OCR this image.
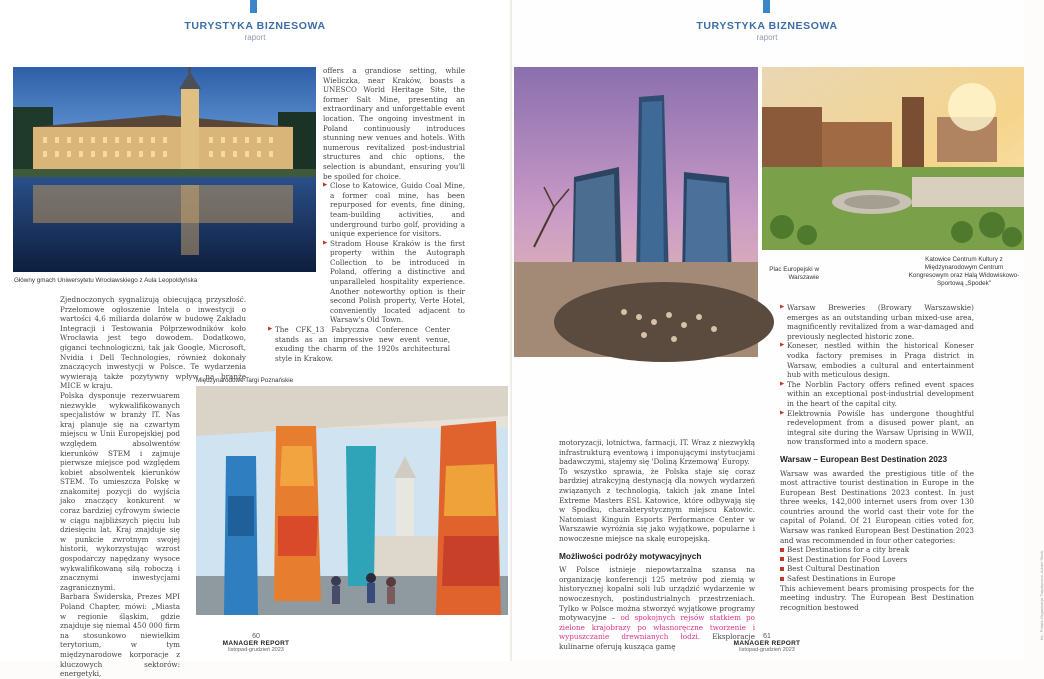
TURYSTYKA BIZNESOWA
raport
Główny gmach Uniwersytetu Wrocławskiego z Aula Leopoldyńska

Zjednoczonych sygnalizują obiecującą przyszłość. Przełomowe ogłoszenie Intela o inwestycji o wartości 4,6 miliarda dolarów w budowę Zakładu Integracji i Testowania Półprzewodników koło Wrocławia jest tego dowodem. Dodatkowo, giganci technologiczni, tak jak Google, Microsoft, Nvidia i Dell Technologies, również dokonały znaczących inwestycji w Polsce. Te wydarzenia wywierają także pozytywny wpływ na branżę MICE w kraju.

Polska dysponuje rezerwuarem niezwykle wykwalifikowanych specjalistów w branży IT. Nas kraj planuje się na czwartym miejscu w Unii Europejskiej pod względem absolwentów kierunków STEM i zajmuje pierwsze miejsce pod względem kobiet absolwentek kierunków STEM. To umieszcza Polskę w znakomitej pozycji do wyjścia jako znaczący konkurent w coraz bardziej cyfrowym świecie w ciągu najbliższych pięciu lub dziesięciu lat. Kraj znajduje się w punkcie zwrotnym swojej historii, wykorzystując wzrost gospodarczy napędzany wysoce wykwalifikowaną siłą roboczą i znacznymi inwestycjami zagranicznymi.

Barbara Świderska, Prezes MPI Poland Chapter, mówi: „Miasta w regionie śląskim, gdzie znajduje się niemal 450 000 firm na stosunkowo niewielkim terytorium, w tym międzynarodowe korporacje z kluczowych sektorów: energetyki,

offers a grandiose setting, while Wieliczka, near Kraków, boasts a UNESCO World Heritage Site, the former Salt Mine, presenting an extraordinary and unforgettable event location. The ongoing investment in Poland continuously introduces stunning new venues and hotels. With numerous revitalized post-industrial structures and chic options, the selection is abundant, ensuring you'll be spoiled for choice.

▶ Close to Katowice, Guido Coal Mine, a former coal mine, has been repurposed for events, fine dining, team-building activities, and underground turbo golf, providing a unique experience for visitors.

▶ Stradom House Kraków is the first property within the Autograph Collection to be introduced in Poland, offering a distinctive and unparalleled hospitality experience. Another noteworthy option is their second Polish property, Verte Hotel, conveniently located adjacent to Warsaw's Old Town.

▶ The CFK_13 Fabryczna Conference Center stands as an impressive new event venue, exuding the charm of the 1920s architectural style in Krakow.

Międzynarodowe Targi Poznańskie
60
MANAGER REPORT
listopad-grudzień 2023
TURYSTYKA BIZNESOWA
raport
Katowice Centrum Kultury z Międzynarodowym Centrum Kongresowym oraz Halą Widowiskowo-Sportową „Spodek"
Plac Europejski w Warszawie
fot.: Polska Organizacja Turystyczna, Adobe Stock

motoryzacji, lotnictwa, farmacji, IT. Wraz z niezwykłą infrastrukturą eventową i imponującymi instytucjami badawczymi, stajemy się 'Doliną Krzemową' Europy.

To wszystko sprawia, że Polska staje się coraz bardziej atrakcyjną destynacją dla nowych wydarzeń związanych z technologią, takich jak znane Intel Extreme Masters ESL Katowice, które odbywają się w Spodku, charakterystycznym miejscu Katowic. Natomiast Kinguin Esports Performance Center w Warszawie wyróżnia się jako wyjątkowe, popularne i nowoczesne miejsce na skalę europejską.

Możliwości podróży motywacyjnych

W Polsce istnieje niepowtarzalna szansa na organizację konferencji 125 metrów pod ziemią w historycznej kopalni soli lub urządzić wydarzenie w nowoczesnych, postindustrialnych przestrzeniach. Tylko w Polsce można stworzyć wyjątkowe programy motywacyjne – od spokojnych rejsów statkiem po zielone krajobrazy po własnoręczne tworzenie i wypuszczanie drewnianych łodzi. Eksploracje kulinarne oferują kusząca gamę

▶ Warsaw Breweries (Browary Warszawskie) emerges as an outstanding urban mixed-use area, magnificently revitalized from a war-damaged and previously neglected historic zone.

▶ Koneser, nestled within the historical Koneser vodka factory premises in Praga district in Warsaw, embodies a cultural and entertainment hub with meticulous design.

▶ The Norblin Factory offers refined event spaces within an exceptional post-industrial development in the heart of the capital city.

▶ Elektrownia Powiśle has undergone thoughtful redevelopment from a disused power plant, an integral site during the Warsaw Uprising in WWII, now transformed into a modern space.

Warsaw – European Best Destination 2023

Warsaw was awarded the prestigious title of the most attractive tourist destination in Europe in the European Best Destinations 2023 contest. In just three weeks, 142,000 internet users from over 130 countries around the world cast their vote for the capital of Poland. Of 21 European cities voted for, Warsaw was ranked European Best Destination 2023 and was recommended in four other categories:

Best Destinations for a city break
Best Destination for Food Lovers
Best Cultural Destination
Safest Destinations in Europe

This achievement bears promising prospects for the meeting industry. The European Best Destination recognition bestowed

61
MANAGER REPORT
listopad-grudzień 2023
